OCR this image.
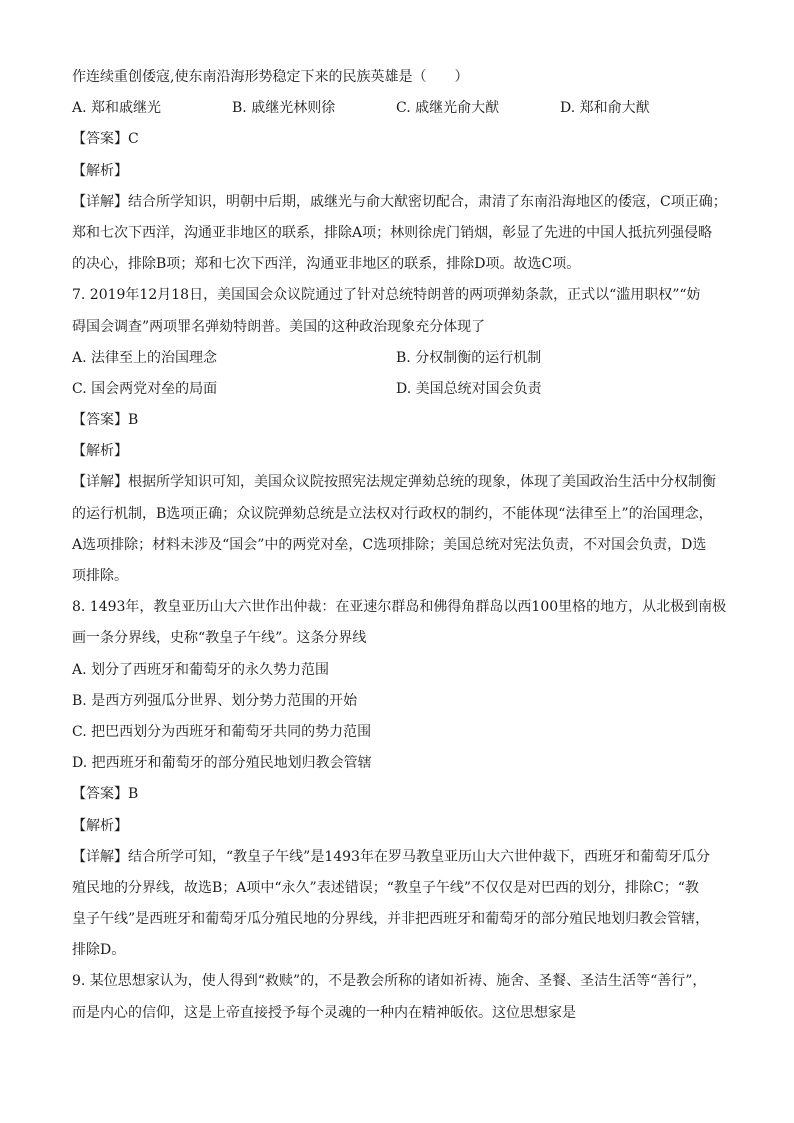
作连续重创倭寇,使东南沿海形势稳定下来的民族英雄是（　　）
A. 郑和戚继光	B. 戚继光林则徐	C. 戚继光俞大猷	D. 郑和俞大猷
【答案】C
【解析】
【详解】结合所学知识，明朝中后期，戚继光与俞大猷密切配合，肃清了东南沿海地区的倭寇，C项正确；
郑和七次下西洋，沟通亚非地区的联系，排除A项；林则徐虎门销烟，彰显了先进的中国人抵抗列强侵略
的决心，排除B项；郑和七次下西洋，沟通亚非地区的联系，排除D项。故选C项。
7. 2019年12月18日，美国国会众议院通过了针对总统特朗普的两项弹劾条款，正式以“滥用职权”“妨
碍国会调查”两项罪名弹劾特朗普。美国的这种政治现象充分体现了
A. 法律至上的治国理念	B. 分权制衡的运行机制
C. 国会两党对垒的局面	D. 美国总统对国会负责
【答案】B
【解析】
【详解】根据所学知识可知，美国众议院按照宪法规定弹劾总统的现象，体现了美国政治生活中分权制衡
的运行机制，B选项正确；众议院弹劾总统是立法权对行政权的制约，不能体现“法律至上”的治国理念，
A选项排除；材料未涉及“国会”中的两党对垒，C选项排除；美国总统对宪法负责，不对国会负责，D选
项排除。
8. 1493年，教皇亚历山大六世作出仲裁：在亚速尔群岛和佛得角群岛以西100里格的地方，从北极到南极
画一条分界线，史称“教皇子午线”。这条分界线
A. 划分了西班牙和葡萄牙的永久势力范围
B. 是西方列强瓜分世界、划分势力范围的开始
C. 把巴西划分为西班牙和葡萄牙共同的势力范围
D. 把西班牙和葡萄牙的部分殖民地划归教会管辖
【答案】B
【解析】
【详解】结合所学可知，“教皇子午线”是1493年在罗马教皇亚历山大六世仲裁下，西班牙和葡萄牙瓜分
殖民地的分界线，故选B；A项中“永久”表述错误；“教皇子午线”不仅仅是对巴西的划分，排除C；“教
皇子午线”是西班牙和葡萄牙瓜分殖民地的分界线，并非把西班牙和葡萄牙的部分殖民地划归教会管辖，
排除D。
9. 某位思想家认为，使人得到“救赎”的，不是教会所称的诸如祈祷、施舍、圣餐、圣洁生活等“善行”，
而是内心的信仰，这是上帝直接授予每个灵魂的一种内在精神皈依。这位思想家是
